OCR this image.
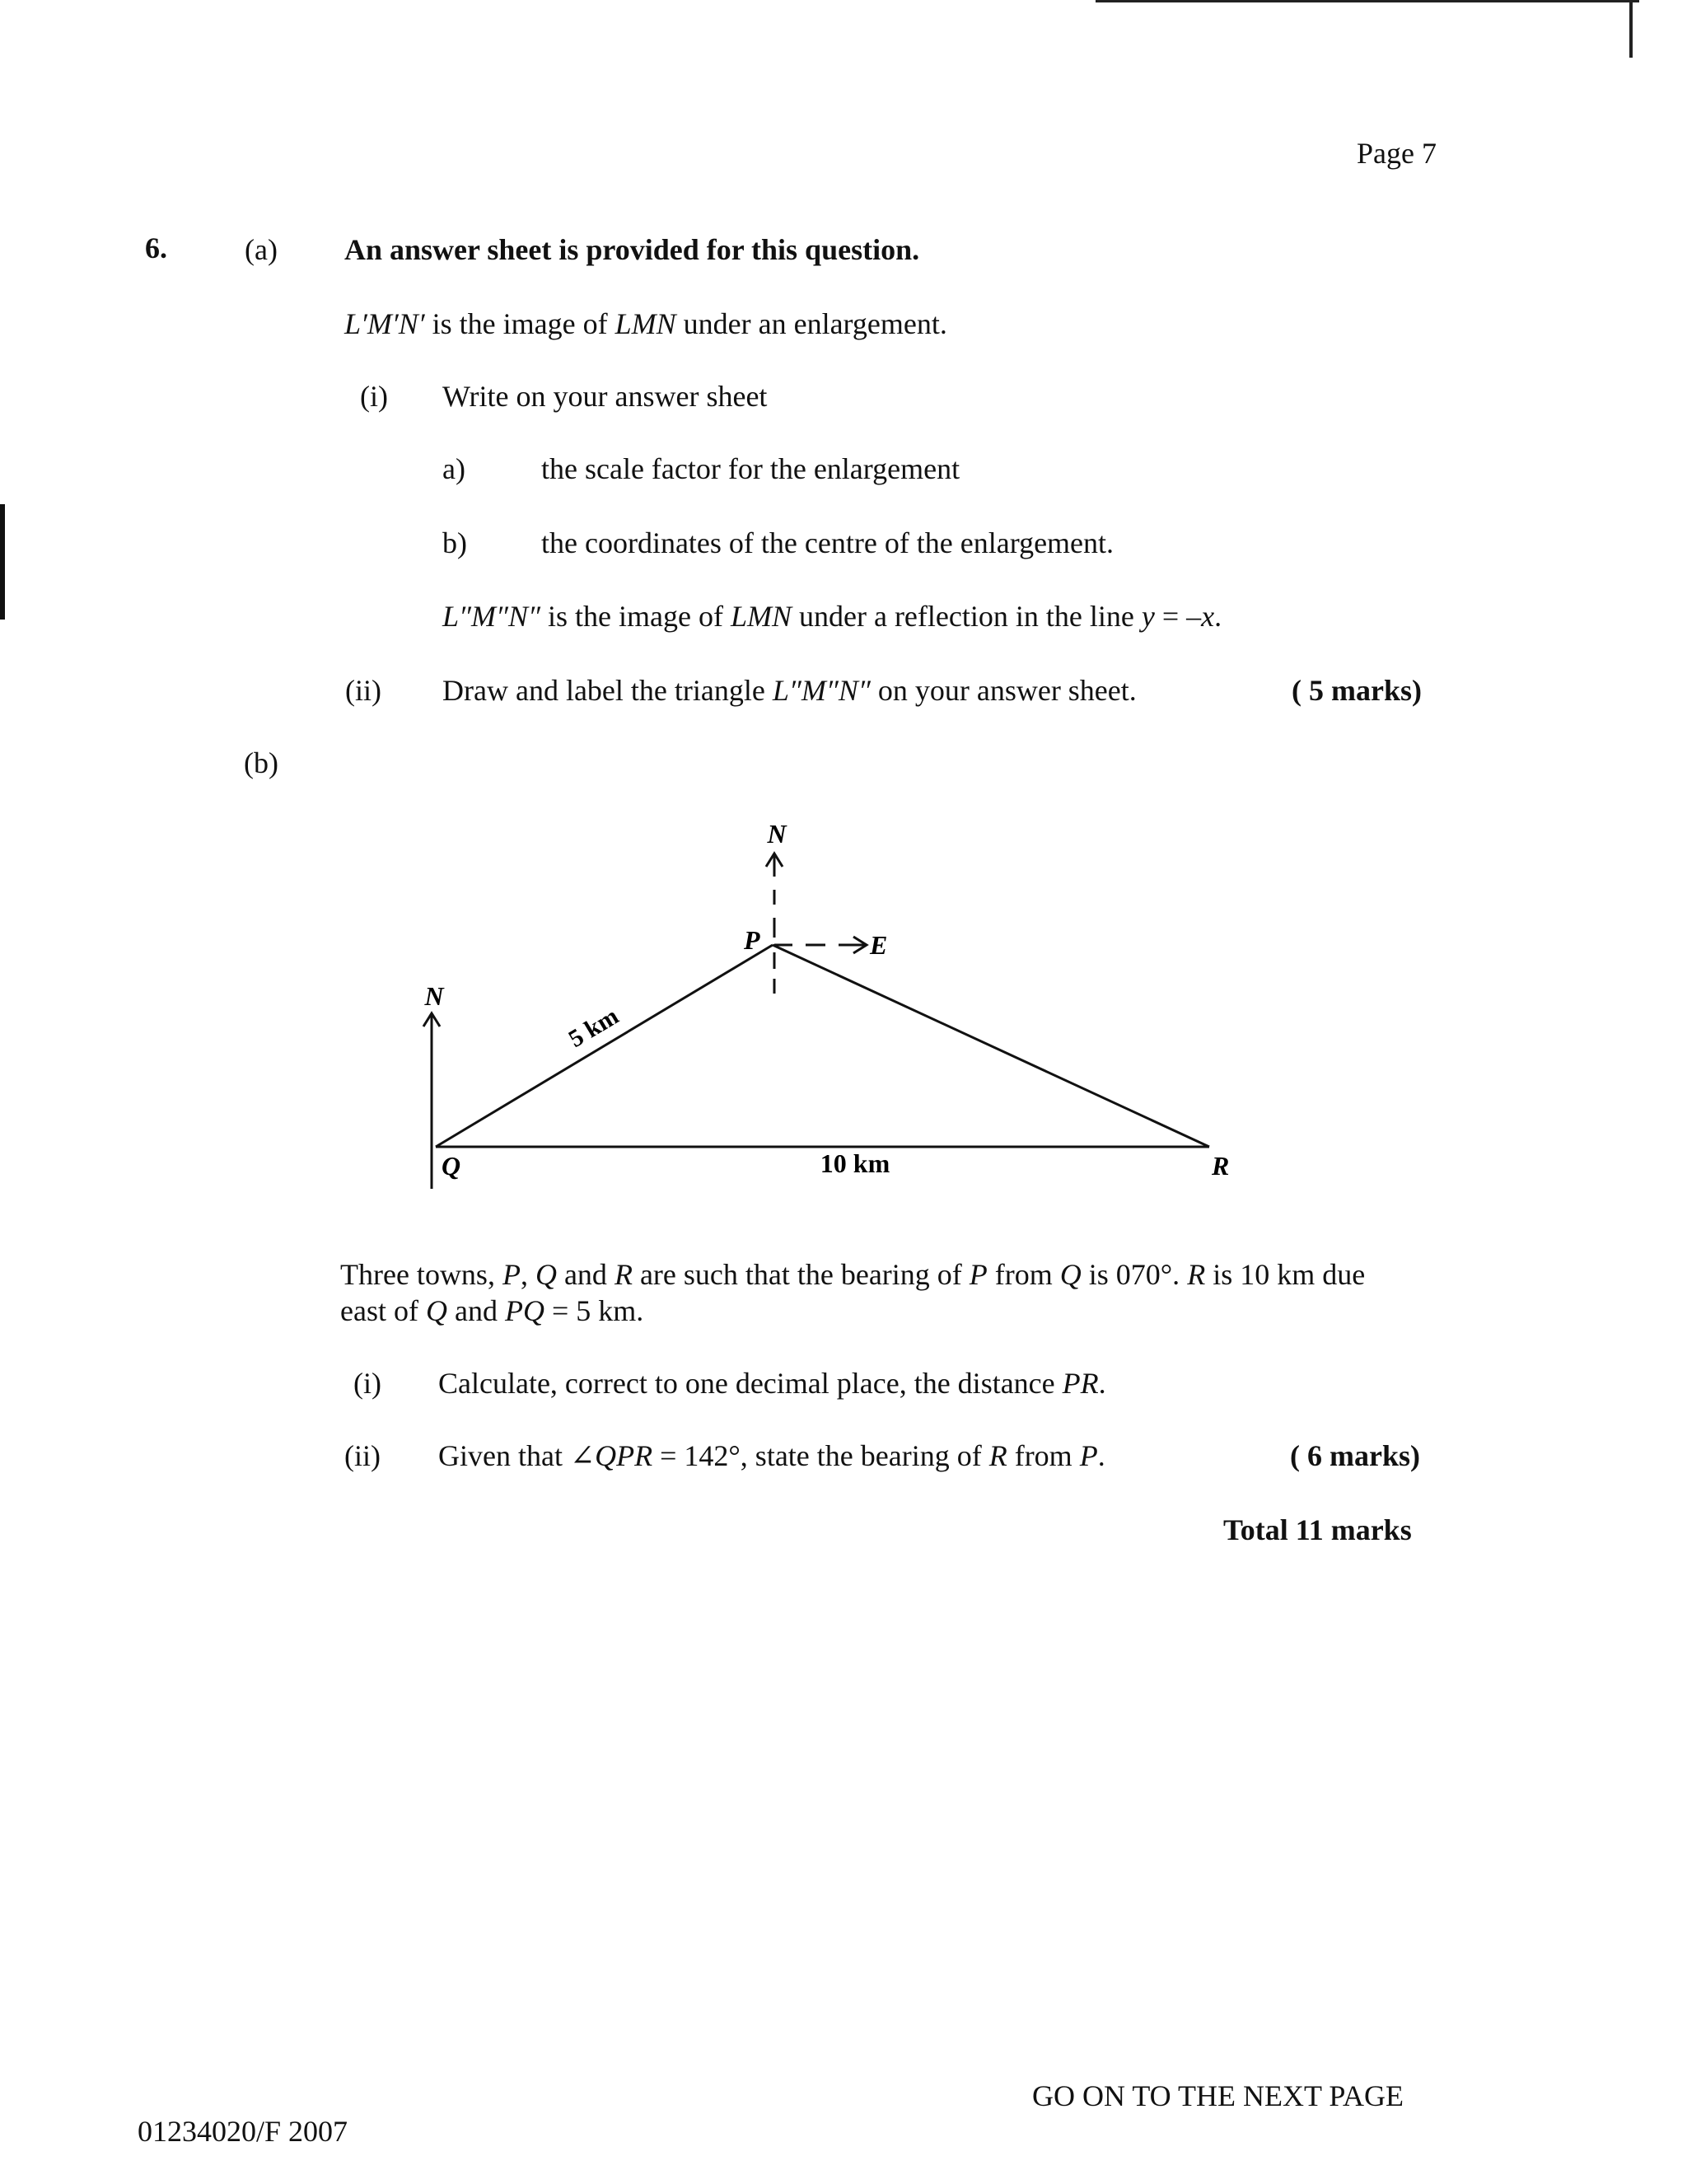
Page 7
6.	(a) An answer sheet is provided for this question.
L′M′N′ is the image of LMN under an enlargement.
(i) Write on your answer sheet
a)	the scale factor for the enlargement
b)	the coordinates of the centre of the enlargement.
L″M″N″ is the image of LMN under a reflection in the line y = –x.
(ii) Draw and label the triangle L″M″N″ on your answer sheet.	( 5 marks)
(b)
N
N
E
P
Q	R
5 km
10 km
Three towns, P, Q and R are such that the bearing of P from Q is 070°. R is 10 km due
east of Q and PQ = 5 km.
(i) Calculate, correct to one decimal place, the distance PR.
(ii) Given that ∠QPR = 142°, state the bearing of R from P.	( 6 marks)
Total 11 marks
GO ON TO THE NEXT PAGE
01234020/F 2007
